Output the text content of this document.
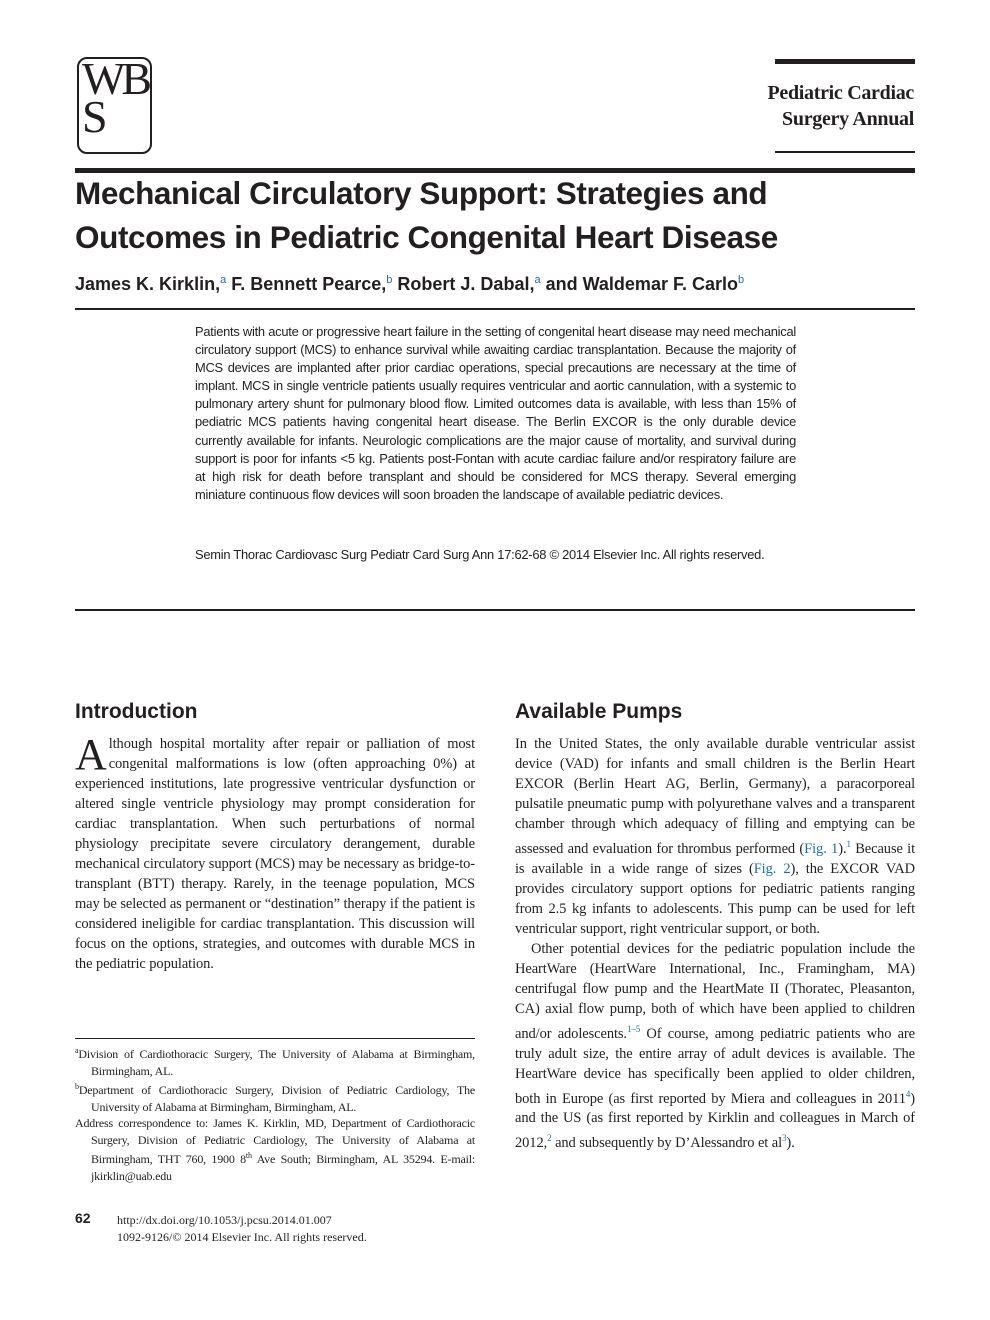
WB
S	Pediatric Cardiac
Surgery Annual
Mechanical Circulatory Support: Strategies and
Outcomes in Pediatric Congenital Heart Disease
James K. Kirklin,$^a$ F. Bennett Pearce,$^b$ Robert J. Dabal,$^a$ and Waldemar F. Carlo$^b$
Patients with acute or progressive heart failure in the setting of congenital heart disease may need mechanical circulatory support (MCS) to enhance survival while awaiting cardiac transplantation. Because the majority of MCS devices are implanted after prior cardiac operations, special precautions are necessary at the time of implant. MCS in single ventricle patients usually requires ventricular and aortic cannulation, with a systemic to pulmonary artery shunt for pulmonary blood flow. Limited outcomes data is available, with less than 15% of pediatric MCS patients having congenital heart disease. The Berlin EXCOR is the only durable device currently available for infants. Neurologic complications are the major cause of mortality, and survival during support is poor for infants <5 kg. Patients post-Fontan with acute cardiac failure and/or respiratory failure are at high risk for death before transplant and should be considered for MCS therapy. Several emerging miniature continuous flow devices will soon broaden the landscape of available pediatric devices.
Semin Thorac Cardiovasc Surg Pediatr Card Surg Ann 17:62-68 © 2014 Elsevier Inc. All rights reserved.
Introduction

Although hospital mortality after repair or palliation of most congenital malformations is low (often approaching 0%) at experienced institutions, late progressive ventricular dysfunction or altered single ventricle physiology may prompt consideration for cardiac transplantation. When such perturbations of normal physiology precipitate severe circulatory derangement, durable mechanical circulatory support (MCS) may be necessary as bridge-to-transplant (BTT) therapy. Rarely, in the teenage population, MCS may be selected as permanent or “destination” therapy if the patient is considered ineligible for cardiac transplantation. This discussion will focus on the options, strategies, and outcomes with durable MCS in the pediatric population.

$^a$Division of Cardiothoracic Surgery, The University of Alabama at Birmingham, Birmingham, AL.

$^b$Department of Cardiothoracic Surgery, Division of Pediatric Cardiology, The University of Alabama at Birmingham, Birmingham, AL.

Address correspondence to: James K. Kirklin, MD, Department of Cardiothoracic Surgery, Division of Pediatric Cardiology, The University of Alabama at Birmingham, THT 760, 1900 8th Ave South; Birmingham, AL 35294. E-mail: jkirklin@uab.edu

Available Pumps

In the United States, the only available durable ventricular assist device (VAD) for infants and small children is the Berlin Heart EXCOR (Berlin Heart AG, Berlin, Germany), a paracorporeal pulsatile pneumatic pump with polyurethane valves and a transparent chamber through which adequacy of filling and emptying can be assessed and evaluation for thrombus performed (Fig. 1).$^1$ Because it is available in a wide range of sizes (Fig. 2), the EXCOR VAD provides circulatory support options for pediatric patients ranging from 2.5 kg infants to adolescents. This pump can be used for left ventricular support, right ventricular support, or both.

Other potential devices for the pediatric population include the HeartWare (HeartWare International, Inc., Framingham, MA) centrifugal flow pump and the HeartMate II (Thoratec, Pleasanton, CA) axial flow pump, both of which have been applied to children and/or adolescents.$^{1-5}$ Of course, among pediatric patients who are truly adult size, the entire array of adult devices is available. The HeartWare device has specifically been applied to older children, both in Europe (as first reported by Miera and colleagues in 2011$^4$) and the US (as first reported by Kirklin and colleagues in March of 2012,$^2$ and subsequently by D’Alessandro et al$^3$).

62 http://dx.doi.org/10.1053/j.pcsu.2014.01.007
1092-9126/© 2014 Elsevier Inc. All rights reserved.
